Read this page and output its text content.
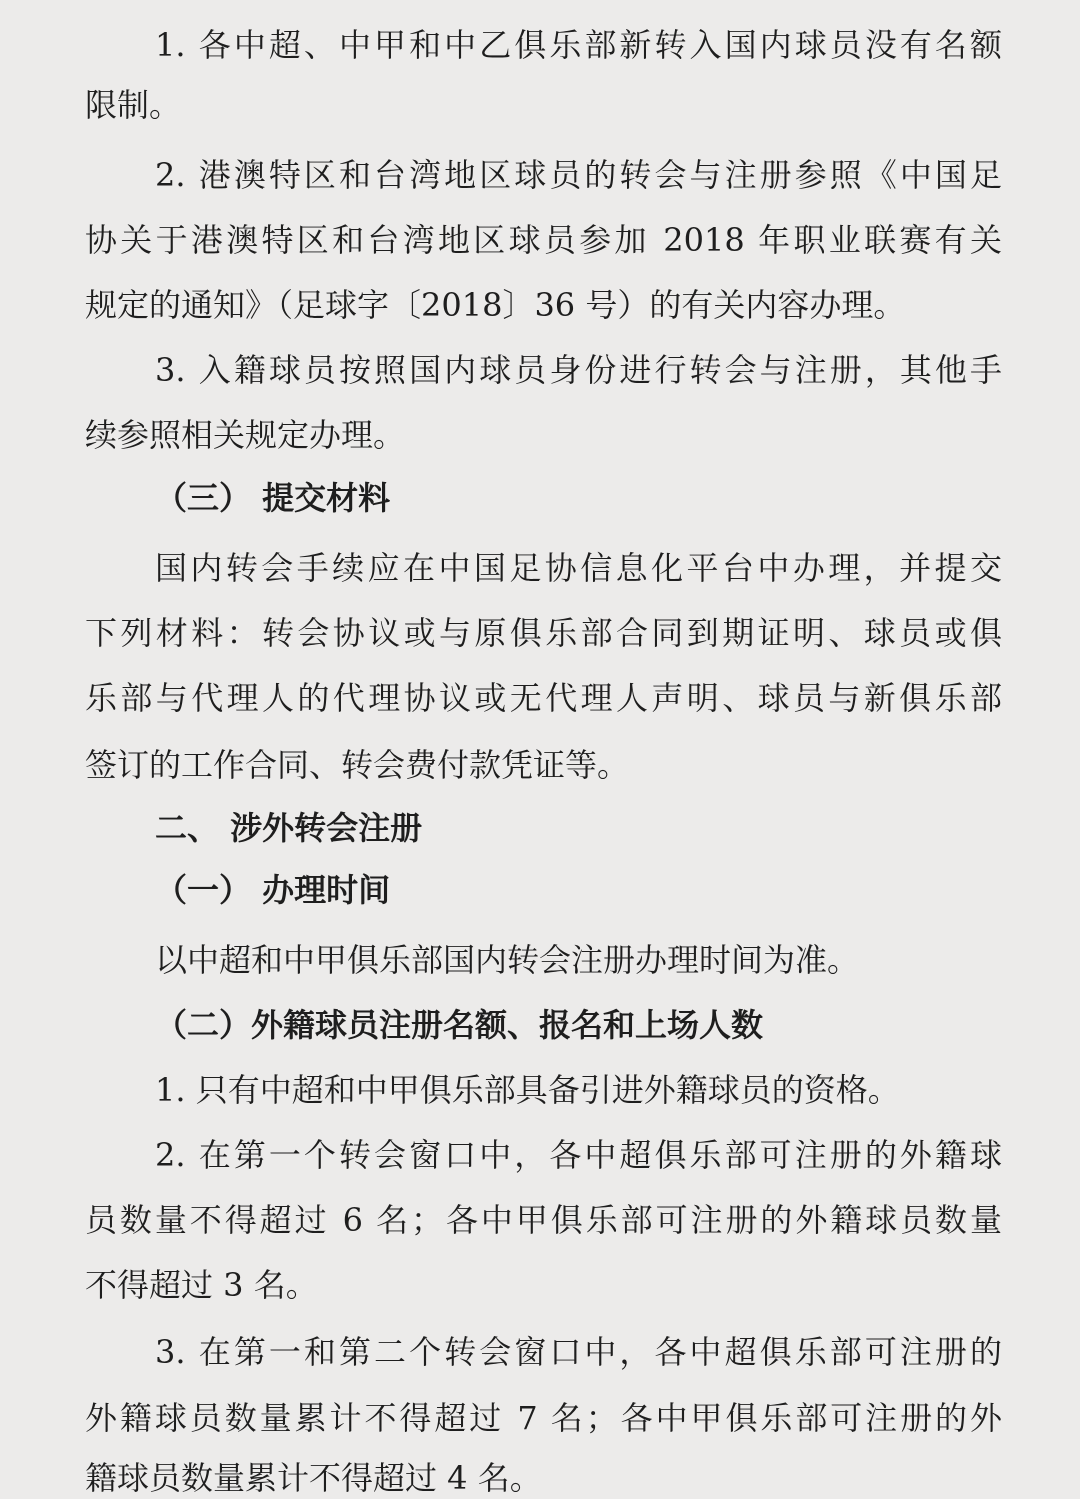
1. 各中超、中甲和中乙俱乐部新转入国内球员没有名额
限制。
2. 港澳特区和台湾地区球员的转会与注册参照《中国足
协关于港澳特区和台湾地区球员参加 2018 年职业联赛有关
规定的通知》（足球字〔2018〕36 号）的有关内容办理。
3. 入籍球员按照国内球员身份进行转会与注册，其他手
续参照相关规定办理。
（三） 提交材料
国内转会手续应在中国足协信息化平台中办理，并提交
下列材料：转会协议或与原俱乐部合同到期证明、球员或俱
乐部与代理人的代理协议或无代理人声明、球员与新俱乐部
签订的工作合同、转会费付款凭证等。
二、 涉外转会注册
（一） 办理时间
以中超和中甲俱乐部国内转会注册办理时间为准。
（二）外籍球员注册名额、报名和上场人数
1. 只有中超和中甲俱乐部具备引进外籍球员的资格。
2. 在第一个转会窗口中，各中超俱乐部可注册的外籍球
员数量不得超过 6 名；各中甲俱乐部可注册的外籍球员数量
不得超过 3 名。
3. 在第一和第二个转会窗口中，各中超俱乐部可注册的
外籍球员数量累计不得超过 7 名；各中甲俱乐部可注册的外
籍球员数量累计不得超过 4 名。
